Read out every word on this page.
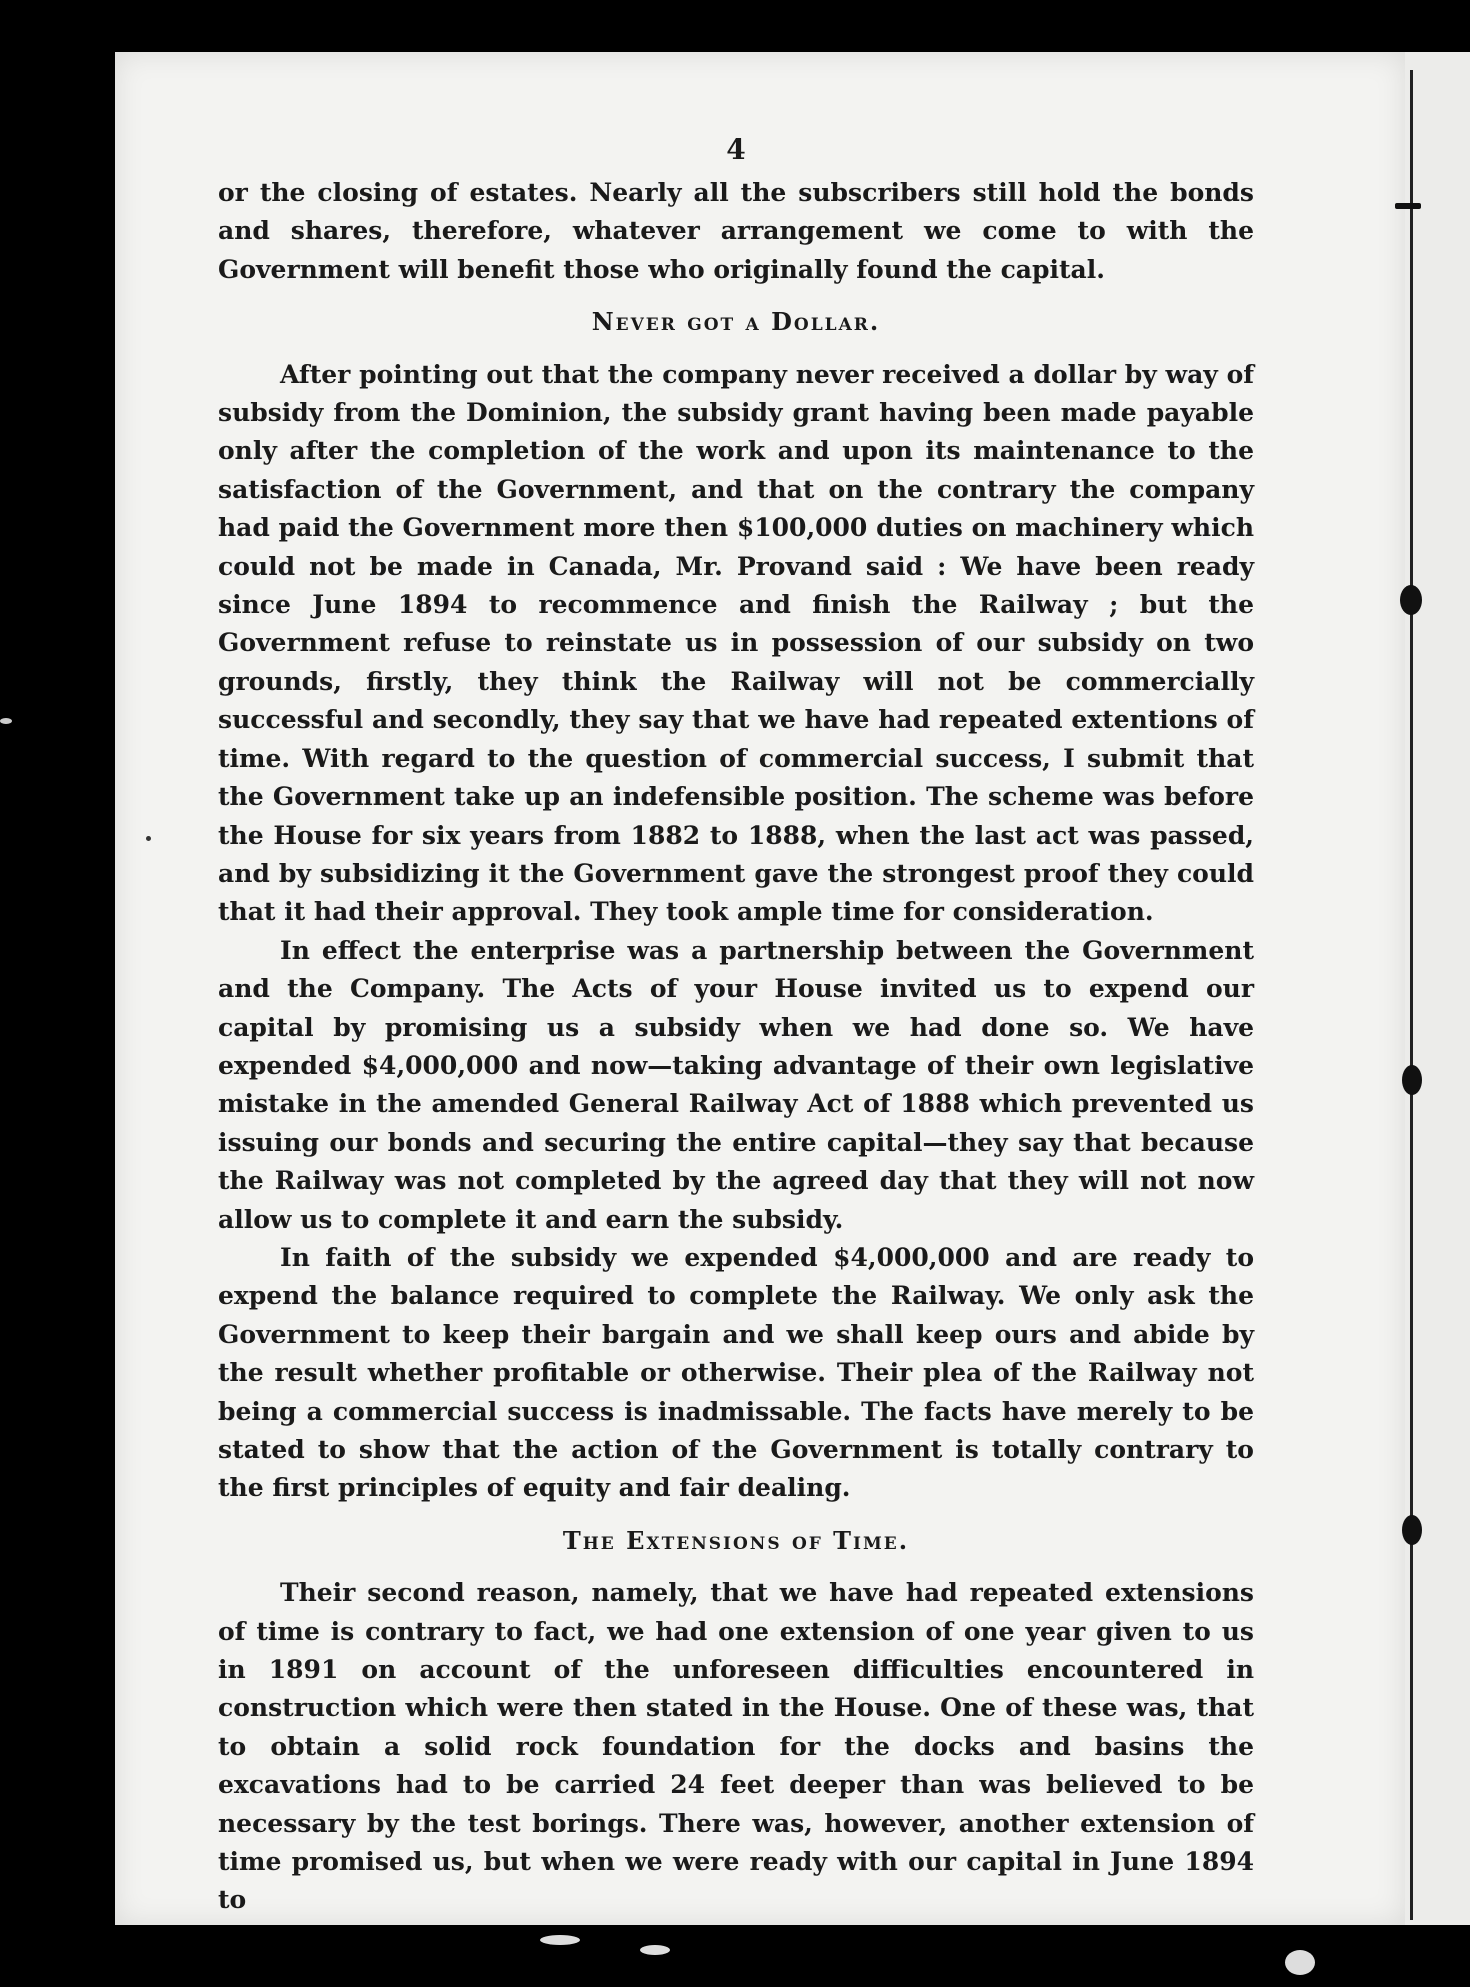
4

or the closing of estates. Nearly all the subscribers still hold the bonds and shares, therefore, whatever arrangement we come to with the Government will benefit those who originally found the capital.

Never got a Dollar.

After pointing out that the company never received a dollar by way of subsidy from the Dominion, the subsidy grant having been made payable only after the completion of the work and upon its maintenance to the satisfaction of the Government, and that on the contrary the company had paid the Government more then $100,000 duties on machinery which could not be made in Canada, Mr. Provand said : We have been ready since June 1894 to recommence and finish the Railway ; but the Government refuse to reinstate us in possession of our subsidy on two grounds, firstly, they think the Railway will not be commercially successful and secondly, they say that we have had repeated extentions of time. With regard to the question of commercial success, I submit that the Government take up an indefensible position. The scheme was before the House for six years from 1882 to 1888, when the last act was passed, and by subsidizing it the Government gave the strongest proof they could that it had their approval. They took ample time for consideration.

In effect the enterprise was a partnership between the Government and the Company. The Acts of your House invited us to expend our capital by promising us a subsidy when we had done so. We have expended $4,000,000 and now—taking advantage of their own legislative mistake in the amended General Railway Act of 1888 which prevented us issuing our bonds and securing the entire capital—they say that because the Railway was not completed by the agreed day that they will not now allow us to complete it and earn the subsidy.

In faith of the subsidy we expended $4,000,000 and are ready to expend the balance required to complete the Railway. We only ask the Government to keep their bargain and we shall keep ours and abide by the result whether profitable or otherwise. Their plea of the Railway not being a commercial success is inadmissable. The facts have merely to be stated to show that the action of the Government is totally contrary to the first principles of equity and fair dealing.

The Extensions of Time.

Their second reason, namely, that we have had repeated extensions of time is contrary to fact, we had one extension of one year given to us in 1891 on account of the unforeseen difficulties encountered in construction which were then stated in the House. One of these was, that to obtain a solid rock foundation for the docks and basins the excavations had to be carried 24 feet deeper than was believed to be necessary by the test borings. There was, however, another extension of time promised us, but when we were ready with our capital in June 1894 to
